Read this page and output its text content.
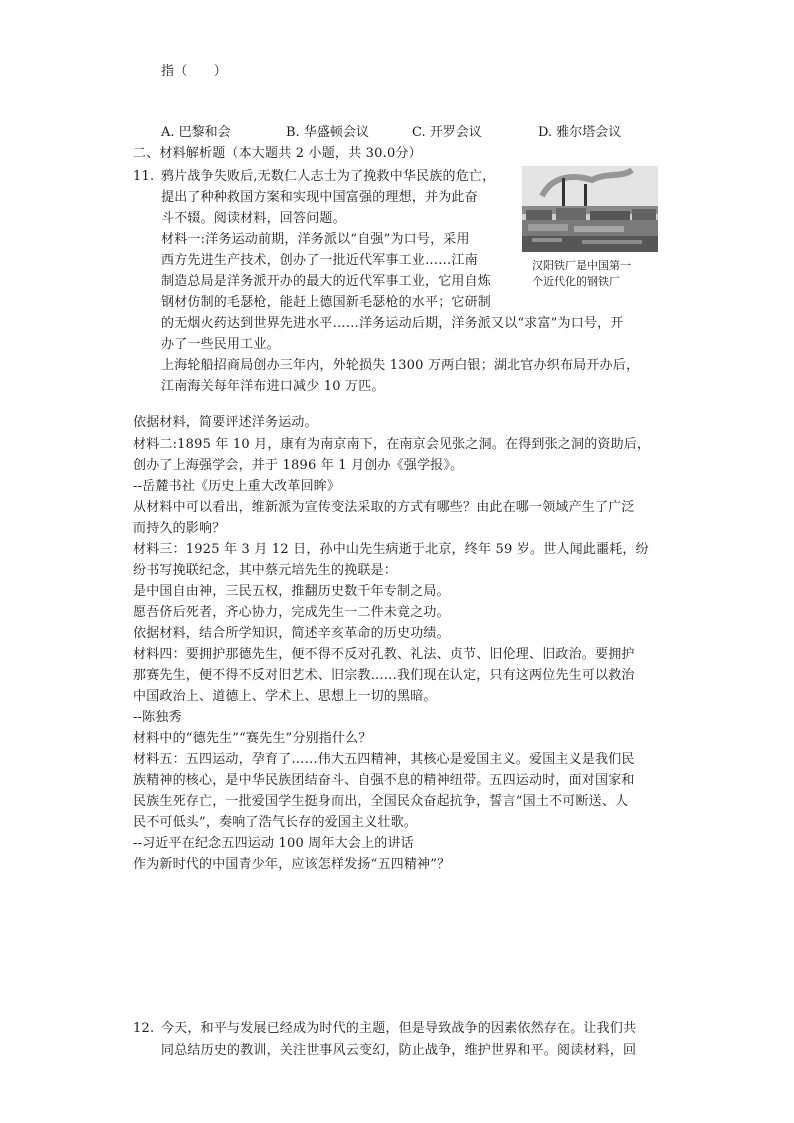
指（　　）
A. 巴黎和会	B. 华盛顿会议	C. 开罗会议	D. 雅尔塔会议
二、材料解析题（本大题共 2 小题，共 30.0分）
11. 鸦片战争失败后,无数仁人志士为了挽救中华民族的危亡，
提出了种种救国方案和实现中国富强的理想，并为此奋
斗不辍。阅读材料，回答问题。
材料一:洋务运动前期，洋务派以“自强”为口号，采用
西方先进生产技术，创办了一批近代军事工业……江南
制造总局是洋务派开办的最大的近代军事工业，它用自炼
钢材仿制的毛瑟枪，能赶上德国新毛瑟枪的水平；它研制
的无烟火药达到世界先进水平……洋务运动后期，洋务派又以“求富”为口号，开
办了一些民用工业。
上海轮船招商局创办三年内，外轮损失 1300 万两白银；湖北官办织布局开办后，
江南海关每年洋布进口减少 10 万匹。
汉阳铁厂是中国第一
个近代化的钢铁厂
依据材料，简要评述洋务运动。
材料二:1895 年 10 月，康有为南京南下，在南京会见张之洞。在得到张之洞的资助后，
创办了上海强学会，并于 1896 年 1 月创办《强学报》。
--岳麓书社《历史上重大改革回眸》
从材料中可以看出，维新派为宣传变法采取的方式有哪些？由此在哪一领域产生了广泛
而持久的影响？
材料三：1925 年 3 月 12 日，孙中山先生病逝于北京，终年 59 岁。世人闻此噩耗，纷
纷书写挽联纪念，其中蔡元培先生的挽联是：
是中国自由神，三民五权，推翻历史数千年专制之局。
愿吾侪后死者，齐心协力，完成先生一二件未竟之功。
依据材料，结合所学知识，简述辛亥革命的历史功绩。
材料四：要拥护那德先生，便不得不反对孔教、礼法、贞节、旧伦理、旧政治。要拥护
那赛先生，便不得不反对旧艺术、旧宗教……我们现在认定，只有这两位先生可以救治
中国政治上、道德上、学术上、思想上一切的黑暗。
--陈独秀
材料中的“德先生”“赛先生”分别指什么？
材料五：五四运动，孕育了……伟大五四精神，其核心是爱国主义。爱国主义是我们民
族精神的核心，是中华民族团结奋斗、自强不息的精神纽带。五四运动时，面对国家和
民族生死存亡，一批爱国学生挺身而出，全国民众奋起抗争，誓言“国土不可断送、人
民不可低头”，奏响了浩气长存的爱国主义壮歌。
--习近平在纪念五四运动 100 周年大会上的讲话
作为新时代的中国青少年，应该怎样发扬“五四精神”？
12. 今天，和平与发展已经成为时代的主题，但是导致战争的因素依然存在。让我们共
同总结历史的教训，关注世事风云变幻，防止战争，维护世界和平。阅读材料，回
